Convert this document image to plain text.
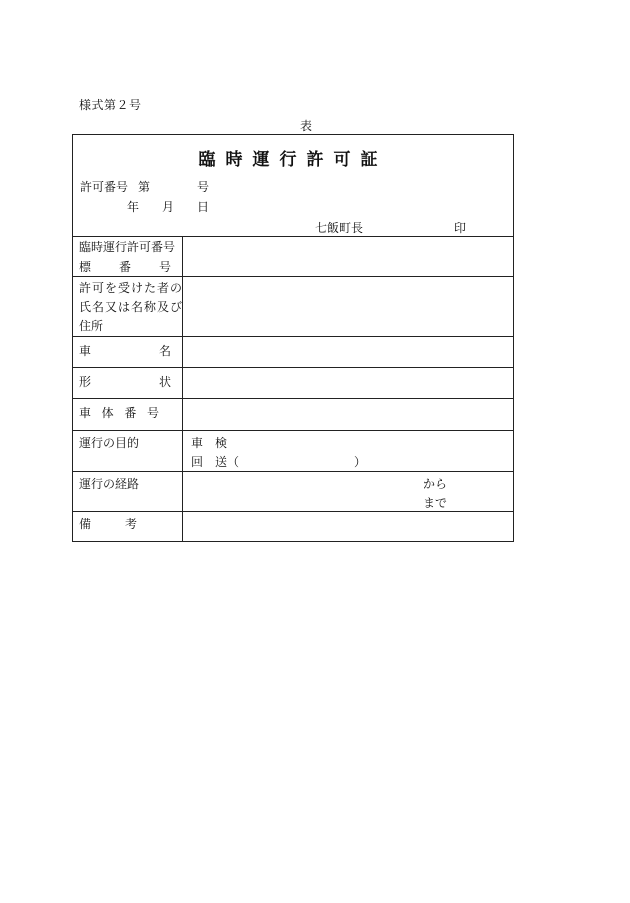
様式第２号
表
臨時運行許可証
許可番号 第	号
年 月 日
七飯町長	印
臨時運行許可番号
標 番 号
許可を受けた者の
氏名又は名称及び
住所
車	名
形	状
車 体 番 号
運行の目的	車　検
回　送（	）
運行の経路	から
まで
備	考
